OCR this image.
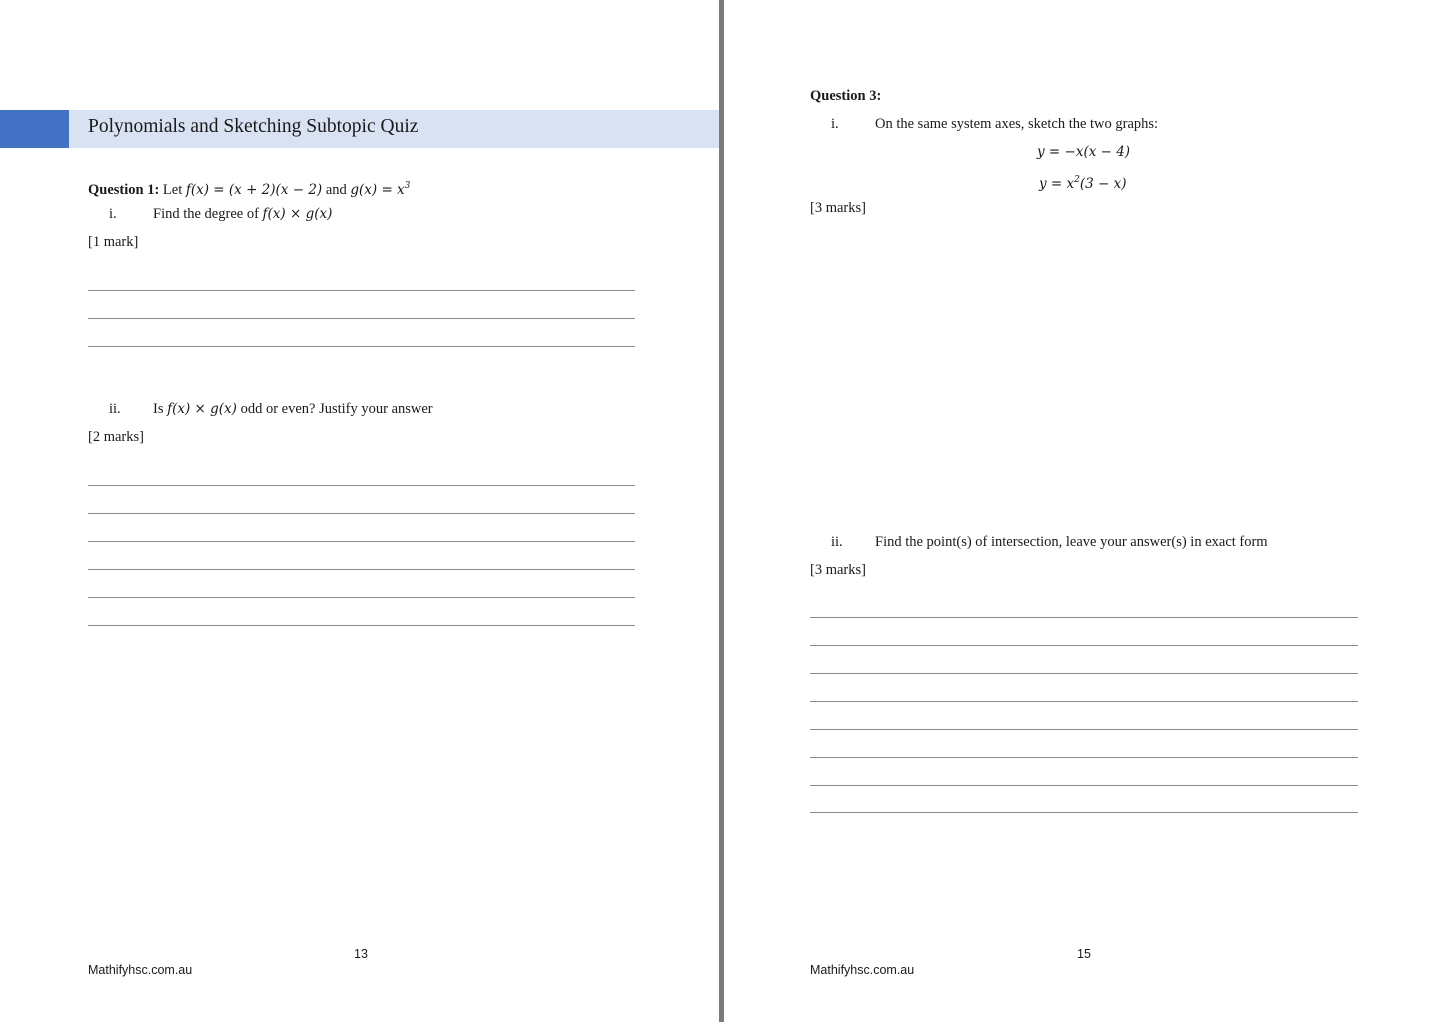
Polynomials and Sketching Subtopic Quiz
Question 1: Let f(x) = (x + 2)(x − 2) and $g(x) = x^3$
i.	Find the degree of f(x) × g(x)
[1 mark]
ii. Is f(x) × g(x) odd or even? Justify your answer
[2 marks]
13
Mathifyhsc.com.au
Question 3:
i.	On the same system axes, sketch the two graphs:
y = −x(x − 4)
$y = x^2(3 - x)$
[3 marks]
ii. Find the point(s) of intersection, leave your answer(s) in exact form
[3 marks]
15
Mathifyhsc.com.au
